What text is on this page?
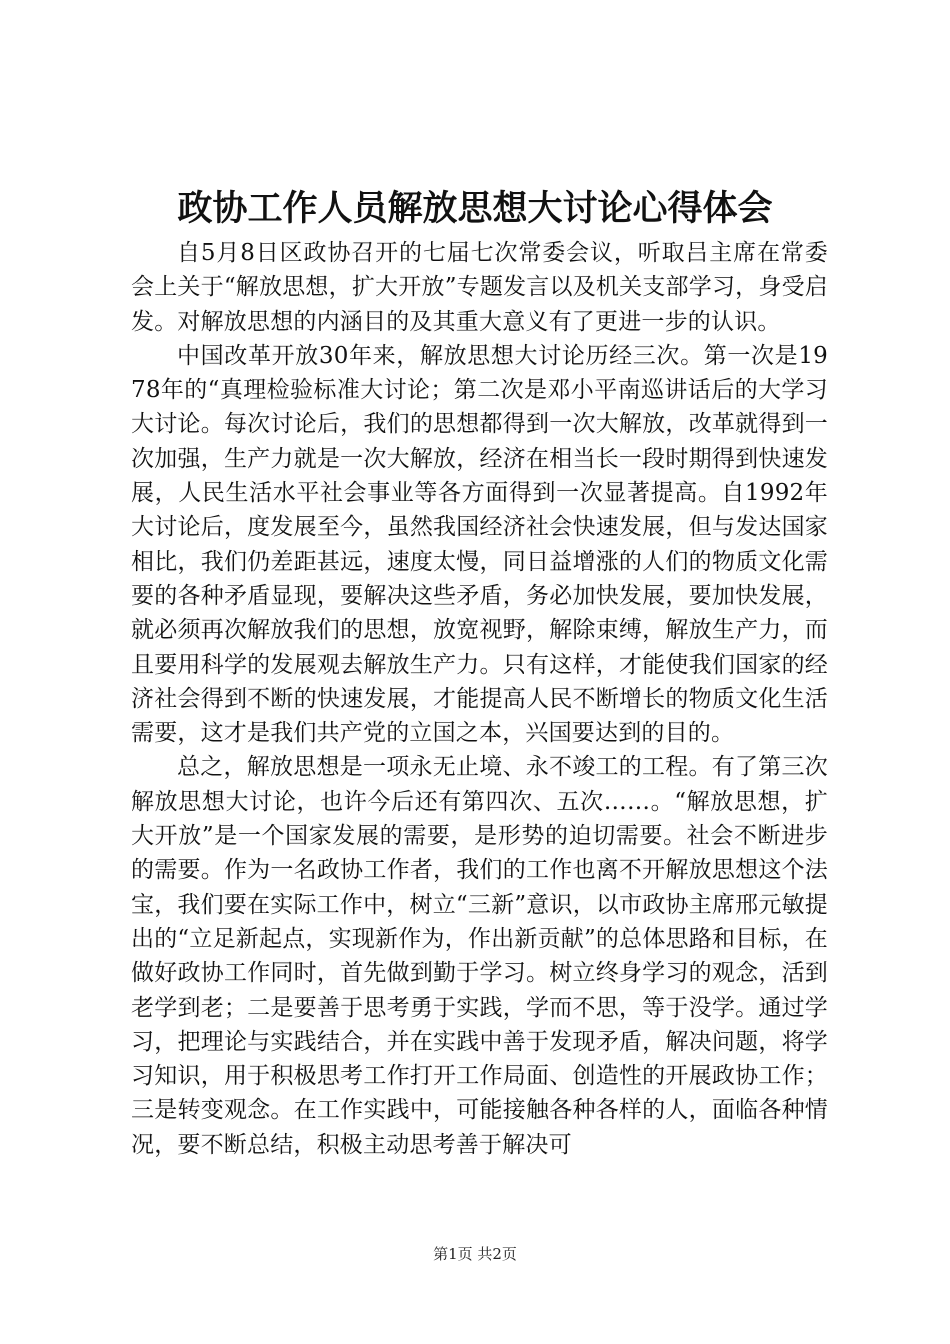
政协工作人员解放思想大讨论心得体会

自5月8日区政协召开的七届七次常委会议，听取吕主席在常委会上关于“解放思想，扩大开放”专题发言以及机关支部学习，身受启发。对解放思想的内涵目的及其重大意义有了更进一步的认识。

中国改革开放30年来，解放思想大讨论历经三次。第一次是1978年的“真理检验标准大讨论；第二次是邓小平南巡讲话后的大学习大讨论。每次讨论后，我们的思想都得到一次大解放，改革就得到一次加强，生产力就是一次大解放，经济在相当长一段时期得到快速发展，人民生活水平社会事业等各方面得到一次显著提高。自1992年大讨论后，度发展至今，虽然我国经济社会快速发展，但与发达国家相比，我们仍差距甚远，速度太慢，同日益增涨的人们的物质文化需要的各种矛盾显现，要解决这些矛盾，务必加快发展，要加快发展，就必须再次解放我们的思想，放宽视野，解除束缚，解放生产力，而且要用科学的发展观去解放生产力。只有这样，才能使我们国家的经济社会得到不断的快速发展，才能提高人民不断增长的物质文化生活需要，这才是我们共产党的立国之本，兴国要达到的目的。

总之，解放思想是一项永无止境、永不竣工的工程。有了第三次解放思想大讨论，也许今后还有第四次、五次……。“解放思想，扩大开放”是一个国家发展的需要，是形势的迫切需要。社会不断进步的需要。作为一名政协工作者，我们的工作也离不开解放思想这个法宝，我们要在实际工作中，树立“三新”意识，以市政协主席邢元敏提出的“立足新起点，实现新作为，作出新贡献”的总体思路和目标，在做好政协工作同时，首先做到勤于学习。树立终身学习的观念，活到老学到老；二是要善于思考勇于实践，学而不思，等于没学。通过学习，把理论与实践结合，并在实践中善于发现矛盾，解决问题，将学习知识，用于积极思考工作打开工作局面、创造性的开展政协工作；三是转变观念。在工作实践中，可能接触各种各样的人，面临各种情况，要不断总结，积极主动思考善于解决可

第1页 共2页
